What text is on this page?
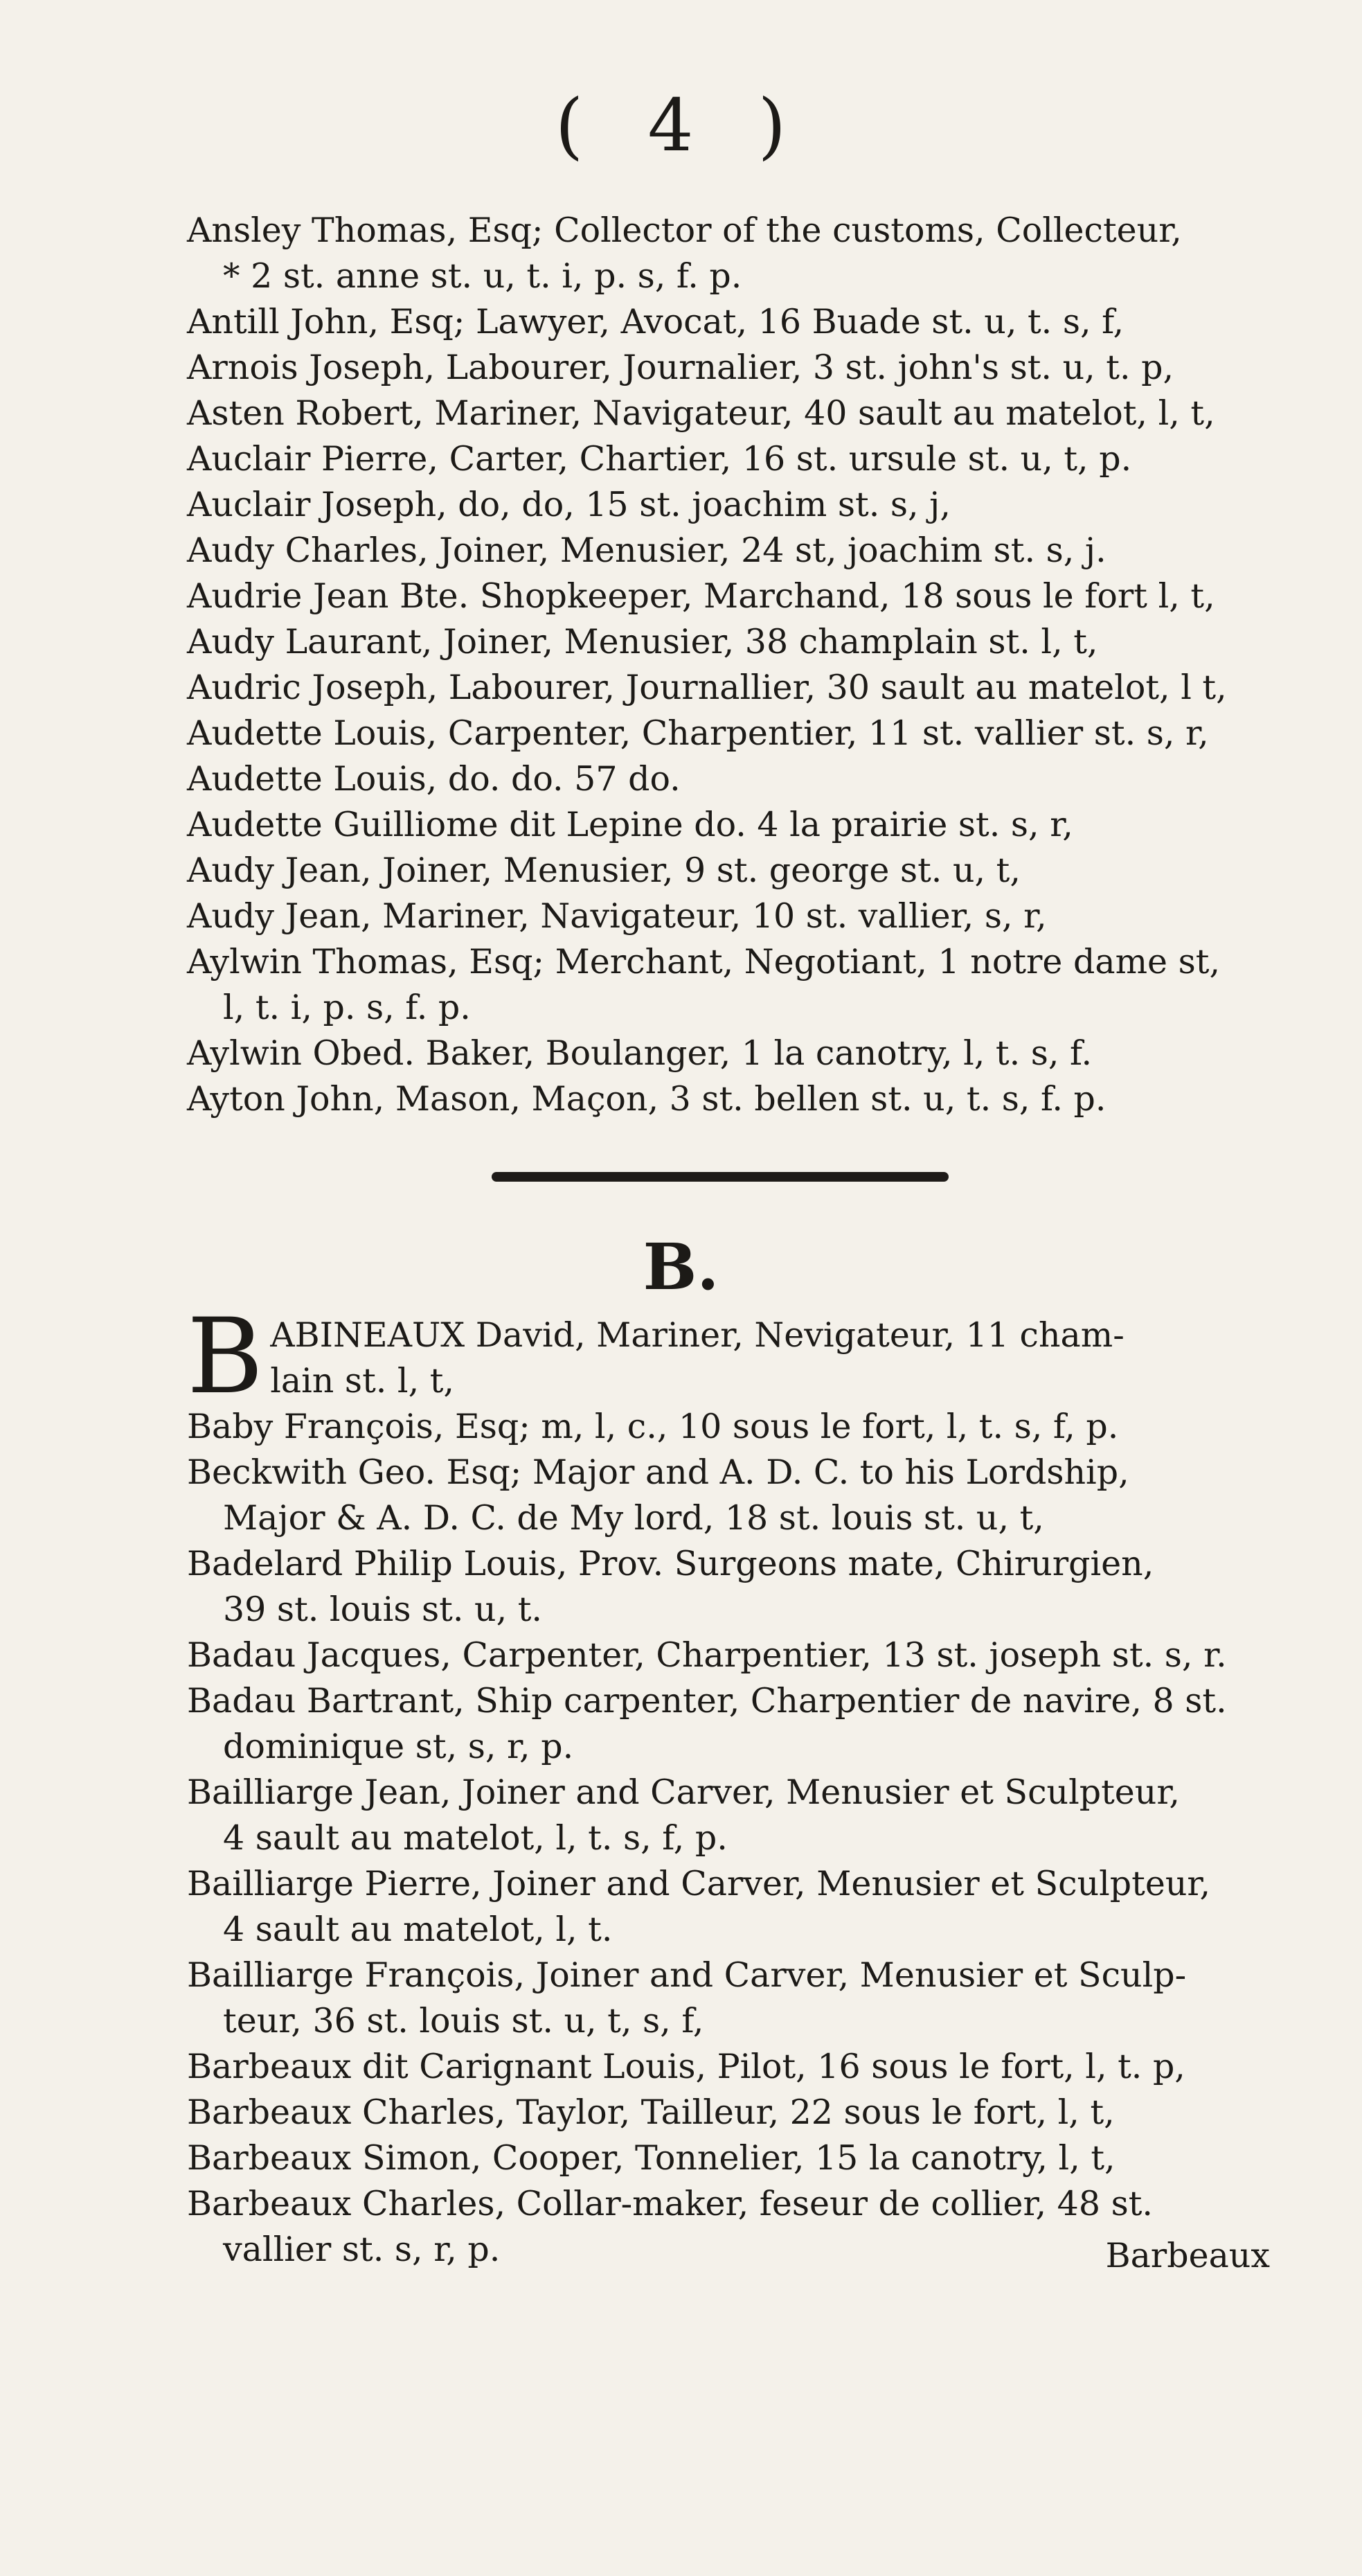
( 4 )
Ansley Thomas, Esq; Collector of the customs, Collecteur,
* 2 st. anne st. u, t. i, p. s, f. p.
Antill John, Esq; Lawyer, Avocat, 16 Buade st. u, t. s, f,
Arnois Joseph, Labourer, Journalier, 3 st. john's st. u, t. p,
Asten Robert, Mariner, Navigateur, 40 sault au matelot, l, t,
Auclair Pierre, Carter, Chartier, 16 st. ursule st. u, t, p.
Auclair Joseph, do, do, 15 st. joachim st. s, j,
Audy Charles, Joiner, Menusier, 24 st, joachim st. s, j.
Audrie Jean Bte. Shopkeeper, Marchand, 18 sous le fort l, t,
Audy Laurant, Joiner, Menusier, 38 champlain st. l, t,
Audric Joseph, Labourer, Journallier, 30 sault au matelot, l t,
Audette Louis, Carpenter, Charpentier, 11 st. vallier st. s, r,
Audette Louis, do. do. 57 do.
Audette Guilliome dit Lepine do. 4 la prairie st. s, r,
Audy Jean, Joiner, Menusier, 9 st. george st. u, t,
Audy Jean, Mariner, Navigateur, 10 st. vallier, s, r,
Aylwin Thomas, Esq; Merchant, Negotiant, 1 notre dame st,
l, t. i, p. s, f. p.
Aylwin Obed. Baker, Boulanger, 1 la canotry, l, t. s, f.
Ayton John, Mason, Maçon, 3 st. bellen st. u, t. s, f. p.
B.
B ABINEAUX David, Mariner, Nevigateur, 11 cham-
lain st. l, t,
Baby François, Esq; m, l, c., 10 sous le fort, l, t. s, f, p.
Beckwith Geo. Esq; Major and A. D. C. to his Lordship,
Major & A. D. C. de My lord, 18 st. louis st. u, t,
Badelard Philip Louis, Prov. Surgeons mate, Chirurgien,
39 st. louis st. u, t.
Badau Jacques, Carpenter, Charpentier, 13 st. joseph st. s, r.
Badau Bartrant, Ship carpenter, Charpentier de navire, 8 st.
dominique st, s, r, p.
Bailliarge Jean, Joiner and Carver, Menusier et Sculpteur,
4 sault au matelot, l, t. s, f, p.
Bailliarge Pierre, Joiner and Carver, Menusier et Sculpteur,
4 sault au matelot, l, t.
Bailliarge François, Joiner and Carver, Menusier et Sculp-
teur, 36 st. louis st. u, t, s, f,
Barbeaux dit Carignant Louis, Pilot, 16 sous le fort, l, t. p,
Barbeaux Charles, Taylor, Tailleur, 22 sous le fort, l, t,
Barbeaux Simon, Cooper, Tonnelier, 15 la canotry, l, t,
Barbeaux Charles, Collar-maker, feseur de collier, 48 st.
vallier st. s, r, p.	Barbeaux
